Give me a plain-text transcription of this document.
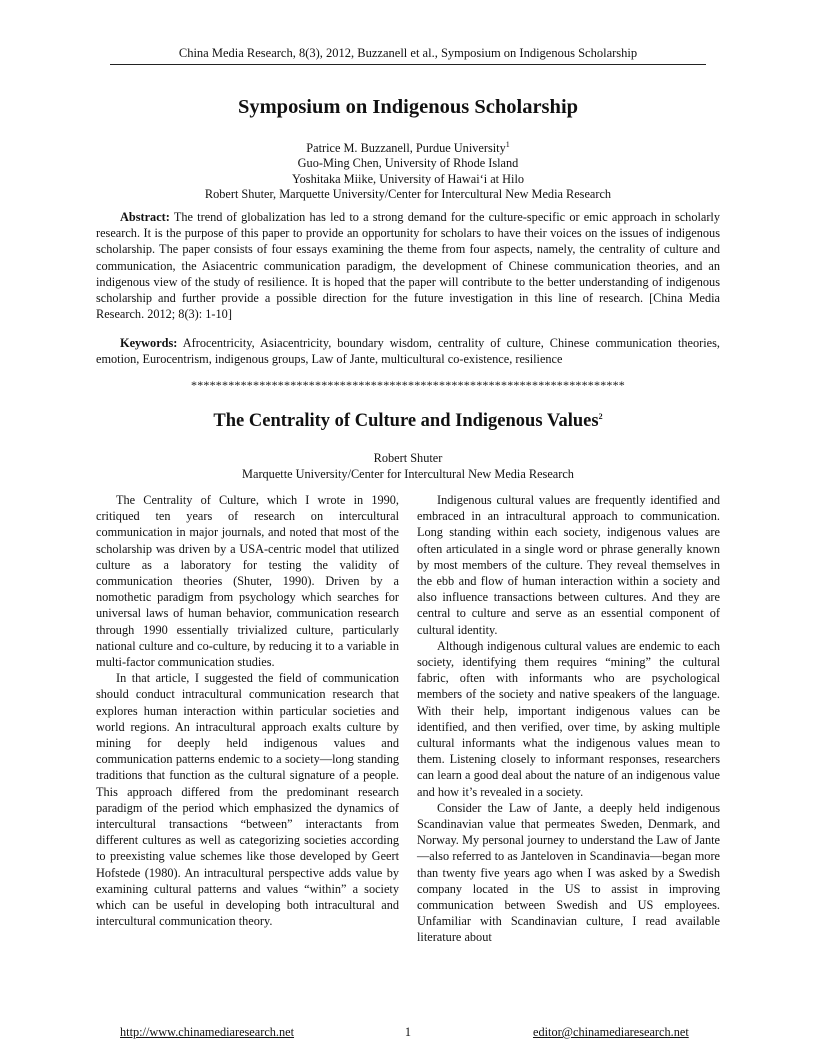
China Media Research, 8(3), 2012, Buzzanell et al., Symposium on Indigenous Scholarship
Symposium on Indigenous Scholarship
Patrice M. Buzzanell, Purdue University$^1$
Guo-Ming Chen, University of Rhode Island
Yoshitaka Miike, University of Hawai‘i at Hilo
Robert Shuter, Marquette University/Center for Intercultural New Media Research

Abstract: The trend of globalization has led to a strong demand for the culture-specific or emic approach in scholarly research. It is the purpose of this paper to provide an opportunity for scholars to have their voices on the issues of indigenous scholarship. The paper consists of four essays examining the theme from four aspects, namely, the centrality of culture and communication, the Asiacentric communication paradigm, the development of Chinese communication theories, and an indigenous view of the study of resilience. It is hoped that the paper will contribute to the better understanding of indigenous scholarship and further provide a possible direction for the future investigation in this line of research. [China Media Research. 2012; 8(3): 1-10]

Keywords: Afrocentricity, Asiacentricity, boundary wisdom, centrality of culture, Chinese communication theories, emotion, Eurocentrism, indigenous groups, Law of Jante, multicultural co-existence, resilience

**********************************************************************
The Centrality of Culture and Indigenous Values$^2$
Robert Shuter
Marquette University/Center for Intercultural New Media Research

The Centrality of Culture, which I wrote in 1990, critiqued ten years of research on intercultural communication in major journals, and noted that most of the scholarship was driven by a USA-centric model that utilized culture as a laboratory for testing the validity of communication theories (Shuter, 1990). Driven by a nomothetic paradigm from psychology which searches for universal laws of human behavior, communication research through 1990 essentially trivialized culture, particularly national culture and co-culture, by reducing it to a variable in multi-factor communication studies.

In that article, I suggested the field of communication should conduct intracultural communication research that explores human interaction within particular societies and world regions. An intracultural approach exalts culture by mining for deeply held indigenous values and communication patterns endemic to a society—long standing traditions that function as the cultural signature of a people. This approach differed from the predominant research paradigm of the period which emphasized the dynamics of intercultural transactions “between” interactants from different cultures as well as categorizing societies according to preexisting value schemes like those developed by Geert Hofstede (1980). An intracultural perspective adds value by examining cultural patterns and values “within” a society which can be useful in developing both intracultural and intercultural communication theory.

Indigenous cultural values are frequently identified and embraced in an intracultural approach to communication. Long standing within each society, indigenous values are often articulated in a single word or phrase generally known by most members of the culture. They reveal themselves in the ebb and flow of human interaction within a society and also influence transactions between cultures. And they are central to culture and serve as an essential component of cultural identity.

Although indigenous cultural values are endemic to each society, identifying them requires “mining” the cultural fabric, often with informants who are psychological members of the society and native speakers of the language. With their help, important indigenous values can be identified, and then verified, over time, by asking multiple cultural informants what the indigenous values mean to them. Listening closely to informant responses, researchers can learn a good deal about the nature of an indigenous value and how it’s revealed in a society.

Consider the Law of Jante, a deeply held indigenous Scandinavian value that permeates Sweden, Denmark, and Norway. My personal journey to understand the Law of Jante—also referred to as Janteloven in Scandinavia—began more than twenty five years ago when I was asked by a Swedish company located in the US to assist in improving communication between Swedish and US employees. Unfamiliar with Scandinavian culture, I read available literature about

http://www.chinamediaresearch.net	1	editor@chinamediaresearch.net
